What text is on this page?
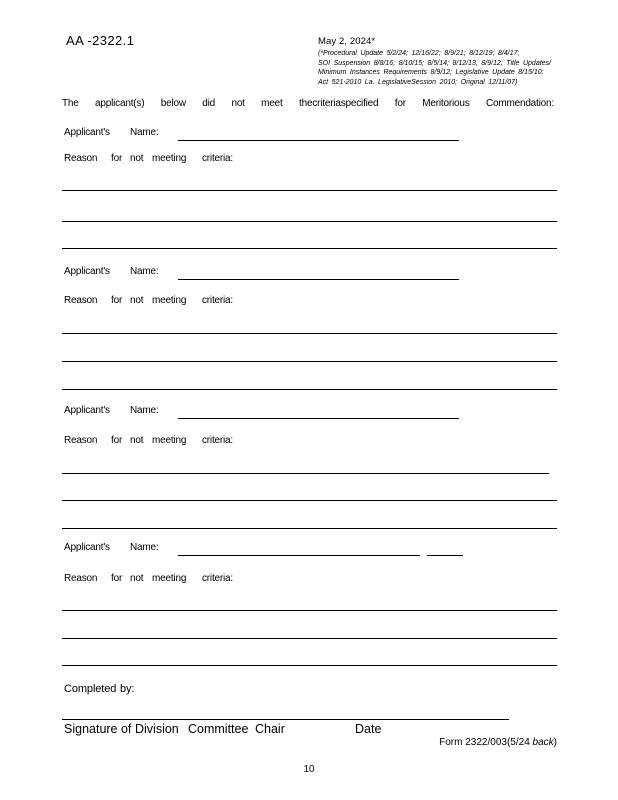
AA -2322.1	May 2, 2024*
(*Procedural Update 5/2/24; 12/16/22; 8/9/21; 8/12/19; 8/4/17;
SOI Suspension 8/8/16; 8/10/15; 8/5/14; 8/12/13, 8/9/12; Title Updates/
Minimum Instances Requirements 8/9/12; Legislative Update 8/15/10:
Act 521-2010 La. LegislativeSession 2010; Original 12/11/07)
The applicant(s) below did not meet thecriteriaspecified for Meritorious Commendation:
Applicant's Name:
Reason for not meeting criteria:
Applicant's Name:
Reason for not meeting criteria:
Applicant's Name:
Reason for not meeting criteria:
Applicant's Name:
Reason for not meeting criteria:
Completed by:
Signature of Division Committee Chair	Date
Form 2322/003(5/24 back)
10
